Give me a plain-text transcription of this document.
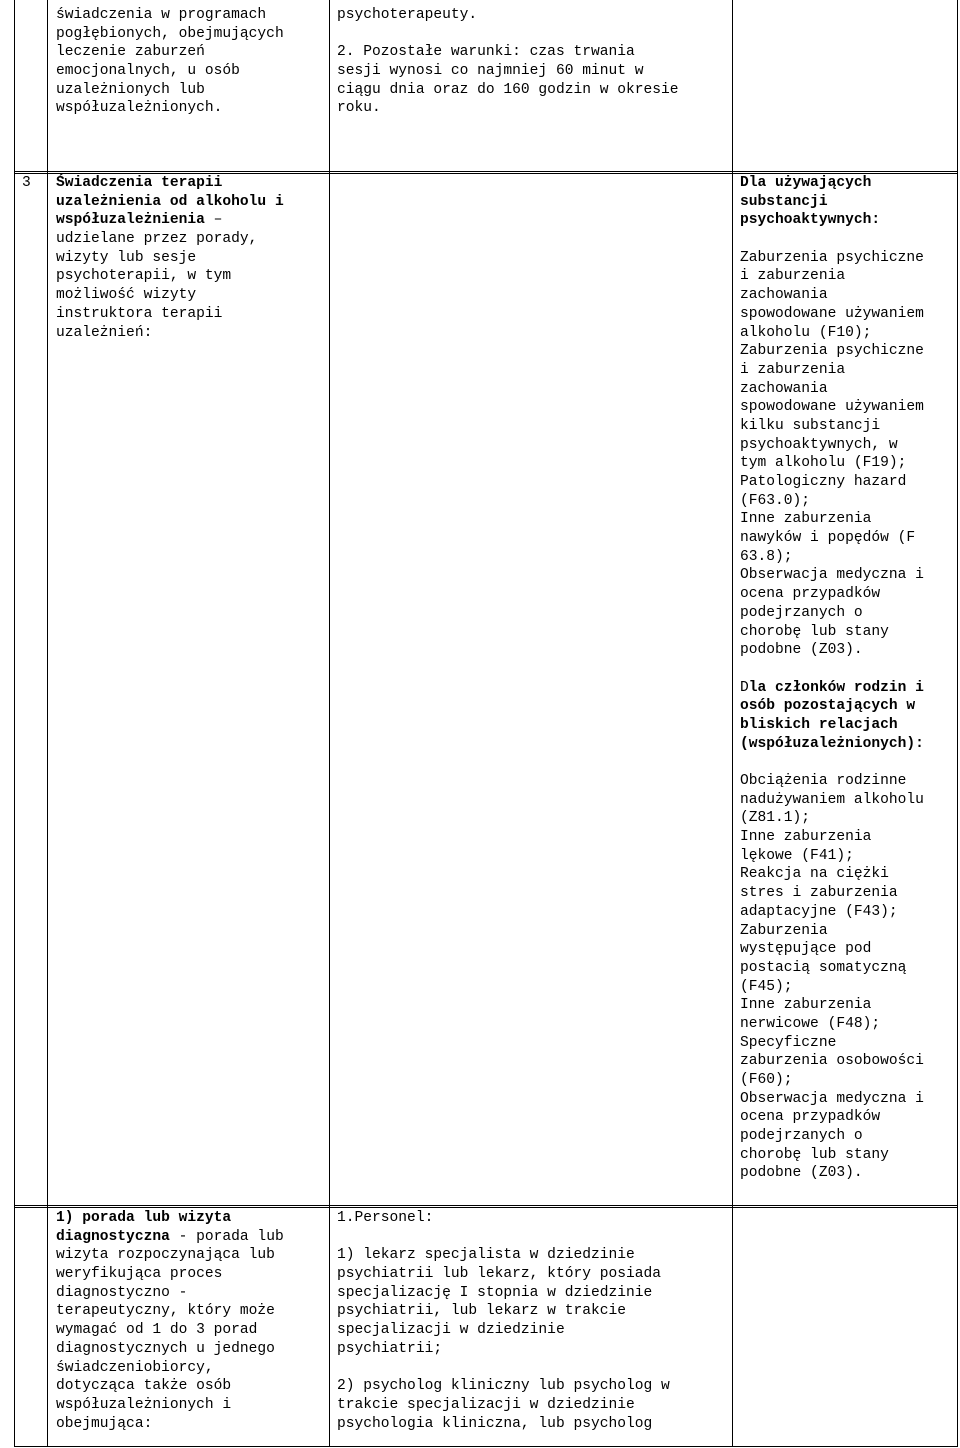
świadczenia w programach
pogłębionych, obejmujących
leczenie zaburzeń
emocjonalnych, u osób
uzależnionych lub
współuzależnionych.
psychoterapeuty.
2. Pozostałe warunki: czas trwania
sesji wynosi co najmniej 60 minut w
ciągu dnia oraz do 160 godzin w okresie
roku.
3 Świadczenia terapii
uzależnienia od alkoholu i
współuzależnienia –
udzielane przez porady,
wizyty lub sesje
psychoterapii, w tym
możliwość wizyty
instruktora terapii
uzależnień:
Dla używających
substancji
psychoaktywnych:
Zaburzenia psychiczne
i zaburzenia
zachowania
spowodowane używaniem
alkoholu (F10);
Zaburzenia psychiczne
i zaburzenia
zachowania
spowodowane używaniem
kilku substancji
psychoaktywnych, w
tym alkoholu (F19);
Patologiczny hazard
(F63.0);
Inne zaburzenia
nawyków i popędów (F
63.8);
Obserwacja medyczna i
ocena przypadków
podejrzanych o
chorobę lub stany
podobne (Z03).
Dla członków rodzin i
osób pozostających w
bliskich relacjach
(współuzależnionych):
Obciążenia rodzinne
nadużywaniem alkoholu
(Z81.1);
Inne zaburzenia
lękowe (F41);
Reakcja na ciężki
stres i zaburzenia
adaptacyjne (F43);
Zaburzenia
występujące pod
postacią somatyczną
(F45);
Inne zaburzenia
nerwicowe (F48);
Specyficzne
zaburzenia osobowości
(F60);
Obserwacja medyczna i
ocena przypadków
podejrzanych o
chorobę lub stany
podobne (Z03).
1) porada lub wizyta
diagnostyczna - porada lub
wizyta rozpoczynająca lub
weryfikująca proces
diagnostyczno -
terapeutyczny, który może
wymagać od 1 do 3 porad
diagnostycznych u jednego
świadczeniobiorcy,
dotycząca także osób
współuzależnionych i
obejmująca:
1.Personel:
1) lekarz specjalista w dziedzinie
psychiatrii lub lekarz, który posiada
specjalizację I stopnia w dziedzinie
psychiatrii, lub lekarz w trakcie
specjalizacji w dziedzinie
psychiatrii;
2) psycholog kliniczny lub psycholog w
trakcie specjalizacji w dziedzinie
psychologia kliniczna, lub psycholog
